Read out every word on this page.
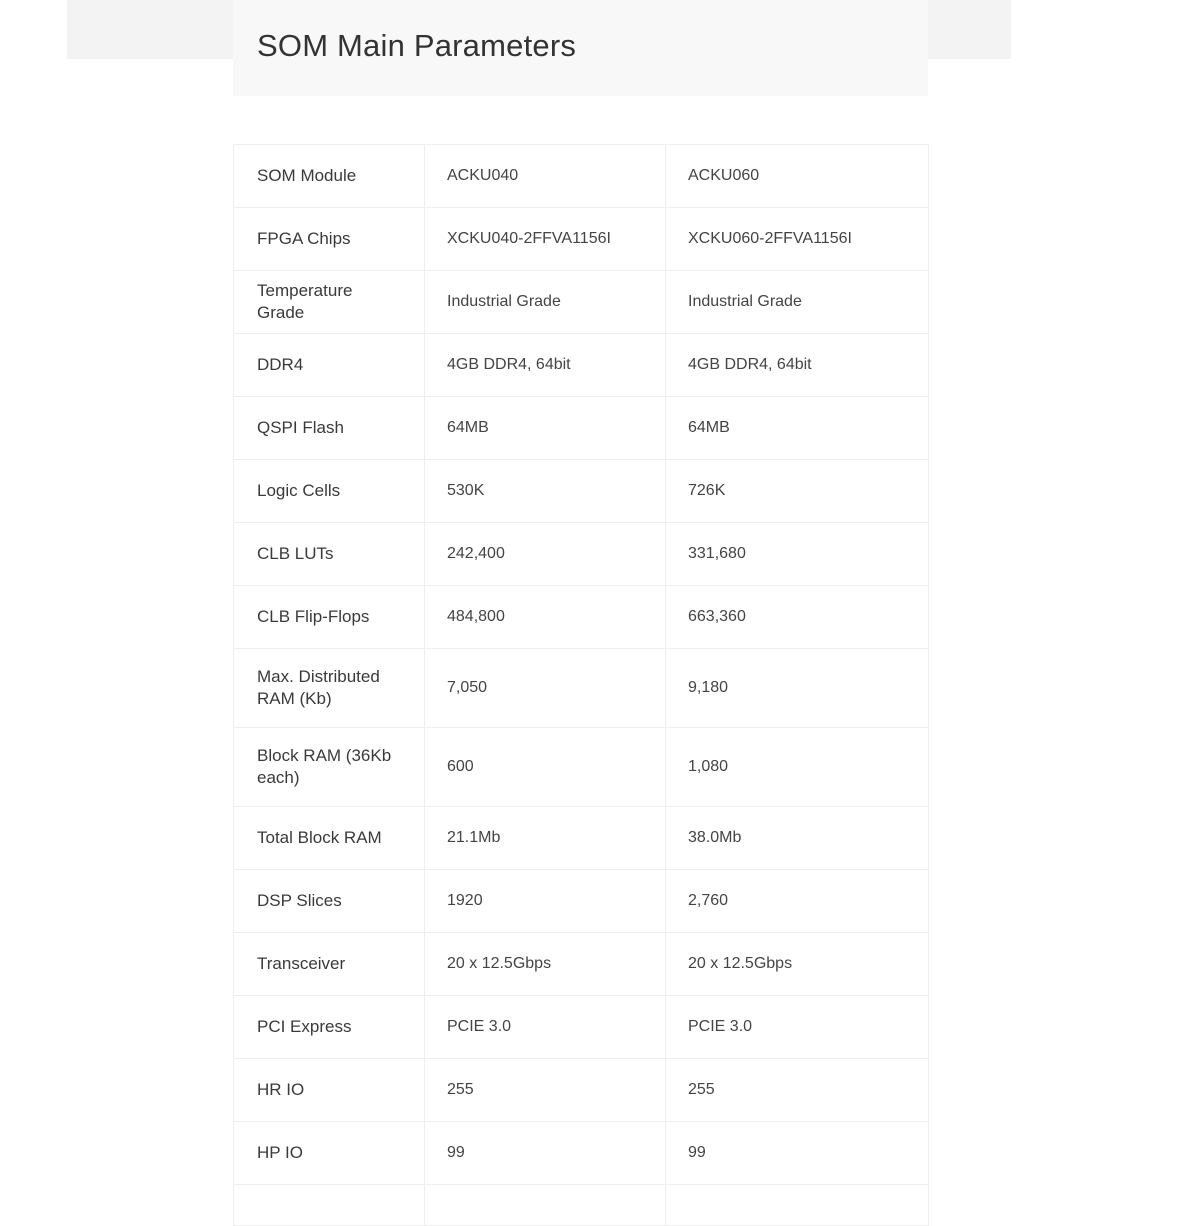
SOM Main Parameters
SOM Module	ACKU040	ACKU060
FPGA Chips	XCKU040-2FFVA1156I	XCKU060-2FFVA1156I
Temperature Grade	Industrial Grade	Industrial Grade
DDR4	4GB DDR4, 64bit	4GB DDR4, 64bit
QSPI Flash	64MB	64MB
Logic Cells	530K	726K
CLB LUTs	242,400	331,680
CLB Flip-Flops	484,800	663,360
Max. Distributed RAM (Kb)	7,050	9,180
Block RAM (36Kb each)	600	1,080
Total Block RAM	21.1Mb	38.0Mb
DSP Slices	1920	2,760
Transceiver	20 x 12.5Gbps	20 x 12.5Gbps
PCI Express	PCIE 3.0	PCIE 3.0
HR IO	255	255
HP IO	99	99
